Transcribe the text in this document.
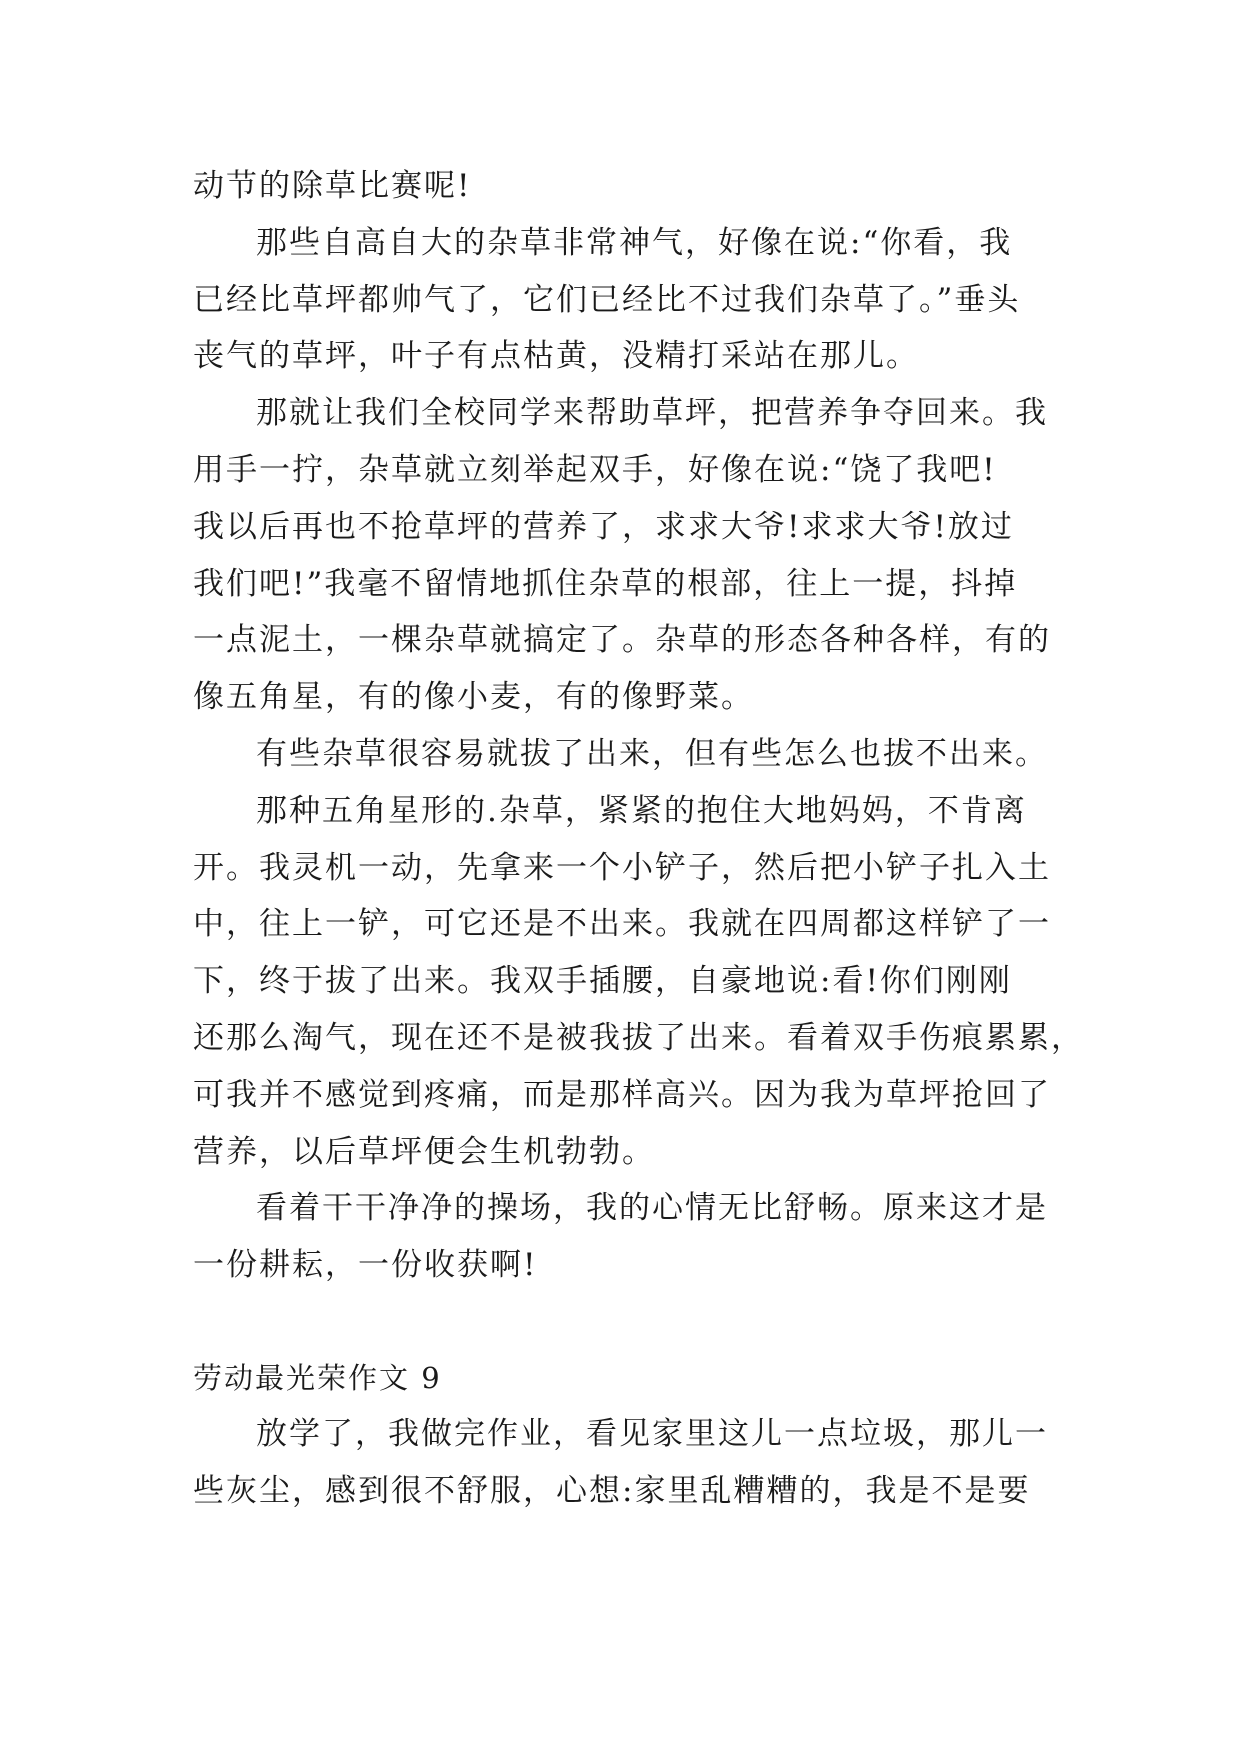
动节的除草比赛呢!
那些自高自大的杂草非常神气，好像在说:“你看，我
已经比草坪都帅气了，它们已经比不过我们杂草了。”垂头
丧气的草坪，叶子有点枯黄，没精打采站在那儿。
那就让我们全校同学来帮助草坪，把营养争夺回来。我
用手一拧，杂草就立刻举起双手，好像在说:“饶了我吧!
我以后再也不抢草坪的营养了，求求大爷!求求大爷!放过
我们吧!”我毫不留情地抓住杂草的根部，往上一提，抖掉
一点泥土，一棵杂草就搞定了。杂草的形态各种各样，有的
像五角星，有的像小麦，有的像野菜。
有些杂草很容易就拔了出来，但有些怎么也拔不出来。
那种五角星形的.杂草，紧紧的抱住大地妈妈，不肯离
开。我灵机一动，先拿来一个小铲子，然后把小铲子扎入土
中，往上一铲，可它还是不出来。我就在四周都这样铲了一
下，终于拔了出来。我双手插腰，自豪地说:看!你们刚刚
还那么淘气，现在还不是被我拔了出来。看着双手伤痕累累，
可我并不感觉到疼痛，而是那样高兴。因为我为草坪抢回了
营养，以后草坪便会生机勃勃。
看着干干净净的操场，我的心情无比舒畅。原来这才是
一份耕耘，一份收获啊!
劳动最光荣作文 9
放学了，我做完作业，看见家里这儿一点垃圾，那儿一
些灰尘，感到很不舒服，心想:家里乱糟糟的，我是不是要
